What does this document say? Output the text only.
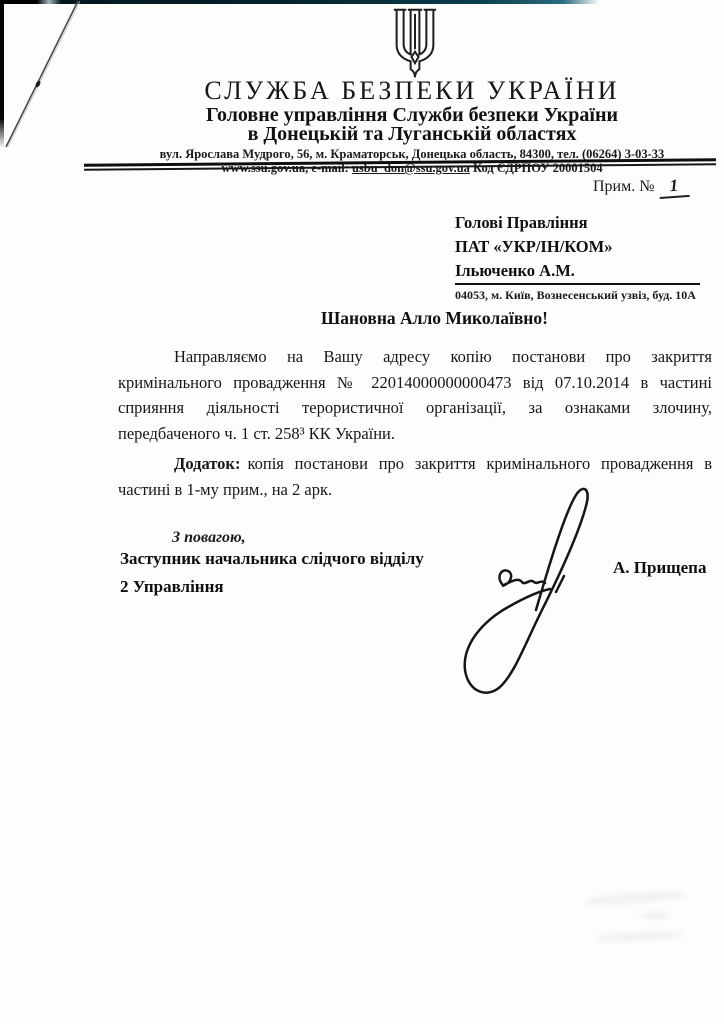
СЛУЖБА БЕЗПЕКИ УКРАЇНИ
Головне управління Служби безпеки України
в Донецькій та Луганській областях
вул. Ярослава Мудрого, 56, м. Краматорськ, Донецька область, 84300, тел. (06264) 3-03-33
www.ssu.gov.ua, e-mail: usbu_don@ssu.gov.ua Код ЄДРПОУ 20001504
Прим. № 1
Голові Правління
ПАТ «УКР/ІН/КОМ»
Ільюченко А.М.
04053, м. Київ, Вознесенський узвіз, буд. 10А
Шановна Алло Миколаївно!
Направляємо на Вашу адресу копію постанови про закриття
кримінального провадження № 22014000000000473 від 07.10.2014 в частині
сприяння діяльності терористичної організації, за ознаками злочину,
передбаченого ч. 1 ст. 258³ КК України.
Додаток: копія постанови про закриття кримінального провадження в
частині в 1-му прим., на 2 арк.
З повагою,
Заступник начальника слідчого відділу
2 Управління
А. Прищепа
